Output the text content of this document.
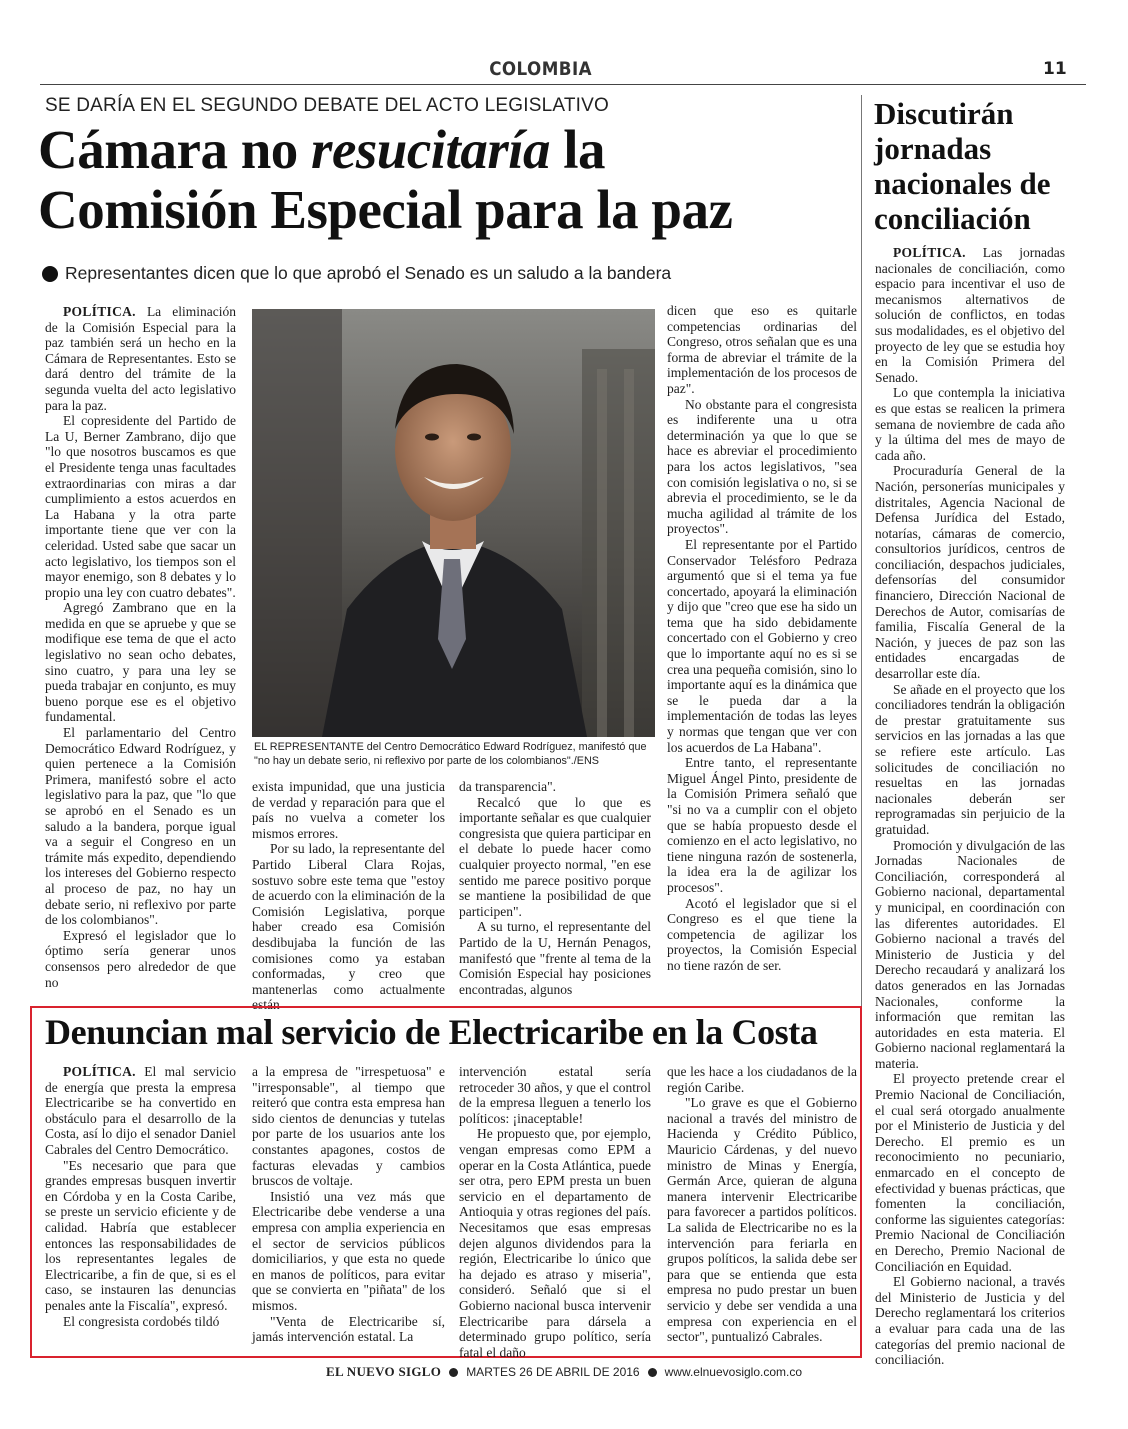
COLOMBIA	11
SE DARÍA EN EL SEGUNDO DEBATE DEL ACTO LEGISLATIVO
Cámara no resucitaría la
Comisión Especial para la paz
Representantes dicen que lo que aprobó el Senado es un saludo a la bandera

POLÍTICA. La eliminación de la Comisión Especial para la paz también será un hecho en la Cámara de Representantes. Esto se dará dentro del trámite de la segunda vuelta del acto legislativo para la paz.

El copresidente del Partido de La U, Berner Zambrano, dijo que "lo que nosotros buscamos es que el Presidente tenga unas facultades extraordinarias con miras a dar cumplimiento a estos acuerdos en La Habana y la otra parte importante tiene que ver con la celeridad. Usted sabe que sacar un acto legislativo, los tiempos son el mayor enemigo, son 8 debates y lo propio una ley con cuatro debates".

Agregó Zambrano que en la medida en que se apruebe y que se modifique ese tema de que el acto legislativo no sean ocho debates, sino cuatro, y para una ley se pueda trabajar en conjunto, es muy bueno porque ese es el objetivo fundamental.

El parlamentario del Centro Democrático Edward Rodríguez, y quien pertenece a la Comisión Primera, manifestó sobre el acto legislativo para la paz, que "lo que se aprobó en el Senado es un saludo a la bandera, porque igual va a seguir el Congreso en un trámite más expedito, dependiendo los intereses del Gobierno respecto al proceso de paz, no hay un debate serio, ni reflexivo por parte de los colombianos".

Expresó el legislador que lo óptimo sería generar unos consensos pero alrededor de que no

EL REPRESENTANTE del Centro Democrático Edward Rodríguez, manifestó que "no hay un debate serio, ni reflexivo por parte de los colombianos"./ENS

exista impunidad, que una justicia de verdad y reparación para que el país no vuelva a cometer los mismos errores.

Por su lado, la representante del Partido Liberal Clara Rojas, sostuvo sobre este tema que "estoy de acuerdo con la eliminación de la Comisión Legislativa, porque haber creado esa Comisión desdibujaba la función de las comisiones como ya estaban conformadas, y creo que mantenerlas como actualmente están

da transparencia".

Recalcó que lo que es importante señalar es que cualquier congresista que quiera participar en el debate lo puede hacer como cualquier proyecto normal, "en ese sentido me parece positivo porque se mantiene la posibilidad de que participen".

A su turno, el representante del Partido de la U, Hernán Penagos, manifestó que "frente al tema de la Comisión Especial hay posiciones encontradas, algunos

dicen que eso es quitarle competencias ordinarias del Congreso, otros señalan que es una forma de abreviar el trámite de la implementación de los procesos de paz".

No obstante para el congresista es indiferente una u otra determinación ya que lo que se hace es abreviar el procedimiento para los actos legislativos, "sea con comisión legislativa o no, si se abrevia el procedimiento, se le da mucha agilidad al trámite de los proyectos".

El representante por el Partido Conservador Telésforo Pedraza argumentó que si el tema ya fue concertado, apoyará la eliminación y dijo que "creo que ese ha sido un tema que ha sido debidamente concertado con el Gobierno y creo que lo importante aquí no es si se crea una pequeña comisión, sino lo importante aquí es la dinámica que se le pueda dar a la implementación de todas las leyes y normas que tengan que ver con los acuerdos de La Habana".

Entre tanto, el representante Miguel Ángel Pinto, presidente de la Comisión Primera señaló que "si no va a cumplir con el objeto que se había propuesto desde el comienzo en el acto legislativo, no tiene ninguna razón de sostenerla, la idea era la de agilizar los procesos".

Acotó el legislador que si el Congreso es el que tiene la competencia de agilizar los proyectos, la Comisión Especial no tiene razón de ser.

Denuncian mal servicio de Electricaribe en la Costa

POLÍTICA. El mal servicio de energía que presta la empresa Electricaribe se ha convertido en obstáculo para el desarrollo de la Costa, así lo dijo el senador Daniel Cabrales del Centro Democrático.

"Es necesario que para que grandes empresas busquen invertir en Córdoba y en la Costa Caribe, se preste un servicio eficiente y de calidad. Habría que establecer entonces las responsabilidades de los representantes legales de Electricaribe, a fin de que, si es el caso, se instauren las denuncias penales ante la Fiscalía", expresó.

El congresista cordobés tildó

a la empresa de "irrespetuosa" e "irresponsable", al tiempo que reiteró que contra esta empresa han sido cientos de denuncias y tutelas por parte de los usuarios ante los constantes apagones, costos de facturas elevadas y cambios bruscos de voltaje.

Insistió una vez más que Electricaribe debe venderse a una empresa con amplia experiencia en el sector de servicios públicos domiciliarios, y que esta no quede en manos de políticos, para evitar que se convierta en "piñata" de los mismos.

"Venta de Electricaribe sí, jamás intervención estatal. La

intervención estatal sería retroceder 30 años, y que el control de la empresa lleguen a tenerlo los políticos: ¡inaceptable!

He propuesto que, por ejemplo, vengan empresas como EPM a operar en la Costa Atlántica, puede ser otra, pero EPM presta un buen servicio en el departamento de Antioquia y otras regiones del país. Necesitamos que esas empresas dejen algunos dividendos para la región, Electricaribe lo único que ha dejado es atraso y miseria", consideró. Señaló que si el Gobierno nacional busca intervenir Electricaribe para dársela a determinado grupo político, sería fatal el daño

que les hace a los ciudadanos de la región Caribe.

"Lo grave es que el Gobierno nacional a través del ministro de Hacienda y Crédito Público, Mauricio Cárdenas, y del nuevo ministro de Minas y Energía, Germán Arce, quieran de alguna manera intervenir Electricaribe para favorecer a partidos políticos. La salida de Electricaribe no es la intervención para feriarla en grupos políticos, la salida debe ser para que se entienda que esta empresa no pudo prestar un buen servicio y debe ser vendida a una empresa con experiencia en el sector", puntualizó Cabrales.

Discutirán jornadas nacionales de conciliación

POLÍTICA. Las jornadas nacionales de conciliación, como espacio para incentivar el uso de mecanismos alternativos de solución de conflictos, en todas sus modalidades, es el objetivo del proyecto de ley que se estudia hoy en la Comisión Primera del Senado.

Lo que contempla la iniciativa es que estas se realicen la primera semana de noviembre de cada año y la última del mes de mayo de cada año.

Procuraduría General de la Nación, personerías municipales y distritales, Agencia Nacional de Defensa Jurídica del Estado, notarías, cámaras de comercio, consultorios jurídicos, centros de conciliación, despachos judiciales, defensorías del consumidor financiero, Dirección Nacional de Derechos de Autor, comisarías de familia, Fiscalía General de la Nación, y jueces de paz son las entidades encargadas de desarrollar este día.

Se añade en el proyecto que los conciliadores tendrán la obligación de prestar gratuitamente sus servicios en las jornadas a las que se refiere este artículo. Las solicitudes de conciliación no resueltas en las jornadas nacionales deberán ser reprogramadas sin perjuicio de la gratuidad.

Promoción y divulgación de las Jornadas Nacionales de Conciliación, corresponderá al Gobierno nacional, departamental y municipal, en coordinación con las diferentes autoridades. El Gobierno nacional a través del Ministerio de Justicia y del Derecho recaudará y analizará los datos generados en las Jornadas Nacionales, conforme la información que remitan las autoridades en esta materia. El Gobierno nacional reglamentará la materia.

El proyecto pretende crear el Premio Nacional de Conciliación, el cual será otorgado anualmente por el Ministerio de Justicia y del Derecho. El premio es un reconocimiento no pecuniario, enmarcado en el concepto de efectividad y buenas prácticas, que fomenten la conciliación, conforme las siguientes categorías: Premio Nacional de Conciliación en Derecho, Premio Nacional de Conciliación en Equidad.

El Gobierno nacional, a través del Ministerio de Justicia y del Derecho reglamentará los criterios a evaluar para cada una de las categorías del premio nacional de conciliación.

EL NUEVO SIGLO MARTES 26 DE ABRIL DE 2016 www.elnuevosiglo.com.co
